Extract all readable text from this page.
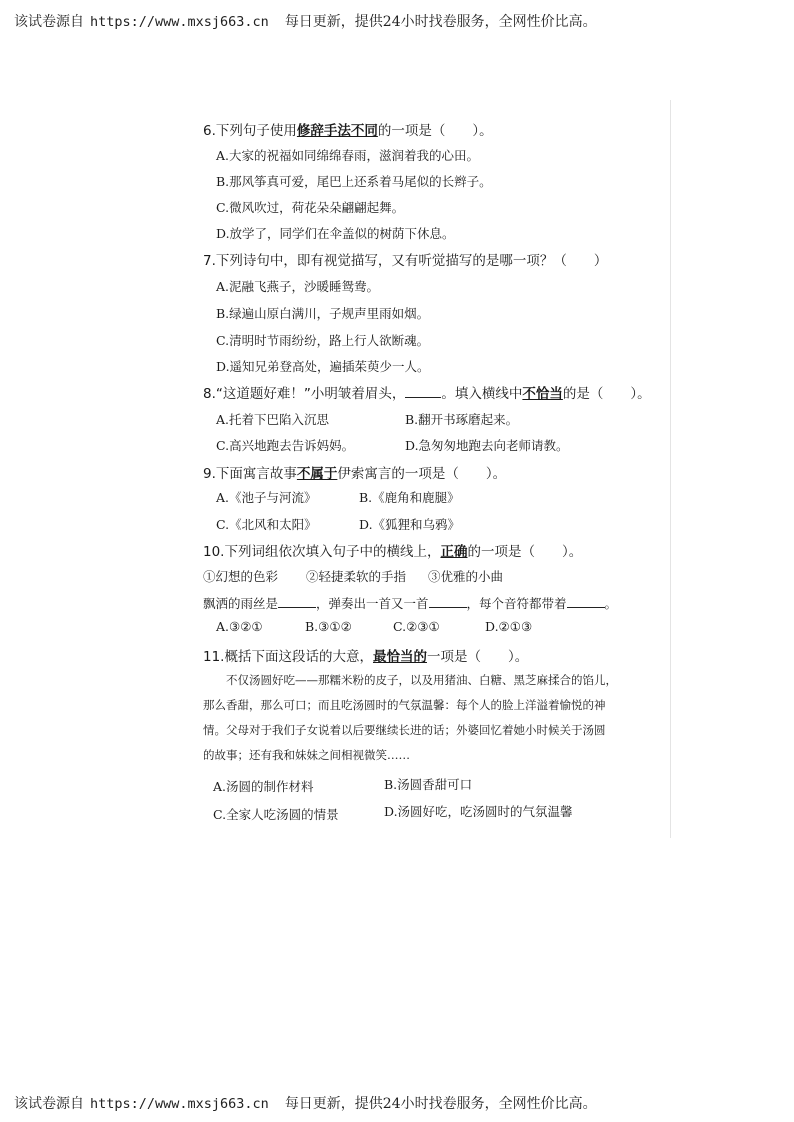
该试卷源自 https://www.mxsj663.cn 每日更新，提供24小时找卷服务，全网性价比高。
6.下列句子使用修辞手法不同的一项是（　　）。
A.大家的祝福如同绵绵春雨，滋润着我的心田。
B.那风筝真可爱，尾巴上还系着马尾似的长辫子。
C.微风吹过，荷花朵朵翩翩起舞。
D.放学了，同学们在伞盖似的树荫下休息。
7.下列诗句中，即有视觉描写，又有听觉描写的是哪一项？（　　）
A.泥融飞燕子，沙暖睡鸳鸯。
B.绿遍山原白满川，子规声里雨如烟。
C.清明时节雨纷纷，路上行人欲断魂。
D.遥知兄弟登高处，遍插茱萸少一人。
8.“这道题好难！”小明皱着眉头，	。填入横线中不恰当的是（　　）。
A.托着下巴陷入沉思	B.翻开书琢磨起来。
C.高兴地跑去告诉妈妈。	D.急匆匆地跑去向老师请教。
9.下面寓言故事不属于伊索寓言的一项是（　　）。
A.《池子与河流》	B.《鹿角和鹿腿》
C.《北风和太阳》	D.《狐狸和乌鸦》
10.下列词组依次填入句子中的横线上，正确的一项是（　　）。
①幻想的色彩 ②轻捷柔软的手指 ③优雅的小曲
飘洒的雨丝是	，弹奏出一首又一首	，每个音符都带着	。
A.③②①	B.③①②	C.②③①	D.②①③
11.概括下面这段话的大意，最恰当的一项是（　　）。
　　不仅汤圆好吃——那糯米粉的皮子，以及用猪油、白糖、黑芝麻揉合的馅儿，
那么香甜，那么可口；而且吃汤圆时的气氛温馨：每个人的脸上洋溢着愉悦的神
情。父母对于我们子女说着以后要继续长进的话；外婆回忆着她小时候关于汤圆
的故事；还有我和妹妹之间相视微笑……
A.汤圆的制作材料	B.汤圆香甜可口
C.全家人吃汤圆的情景	D.汤圆好吃，吃汤圆时的气氛温馨
该试卷源自 https://www.mxsj663.cn 每日更新，提供24小时找卷服务，全网性价比高。
